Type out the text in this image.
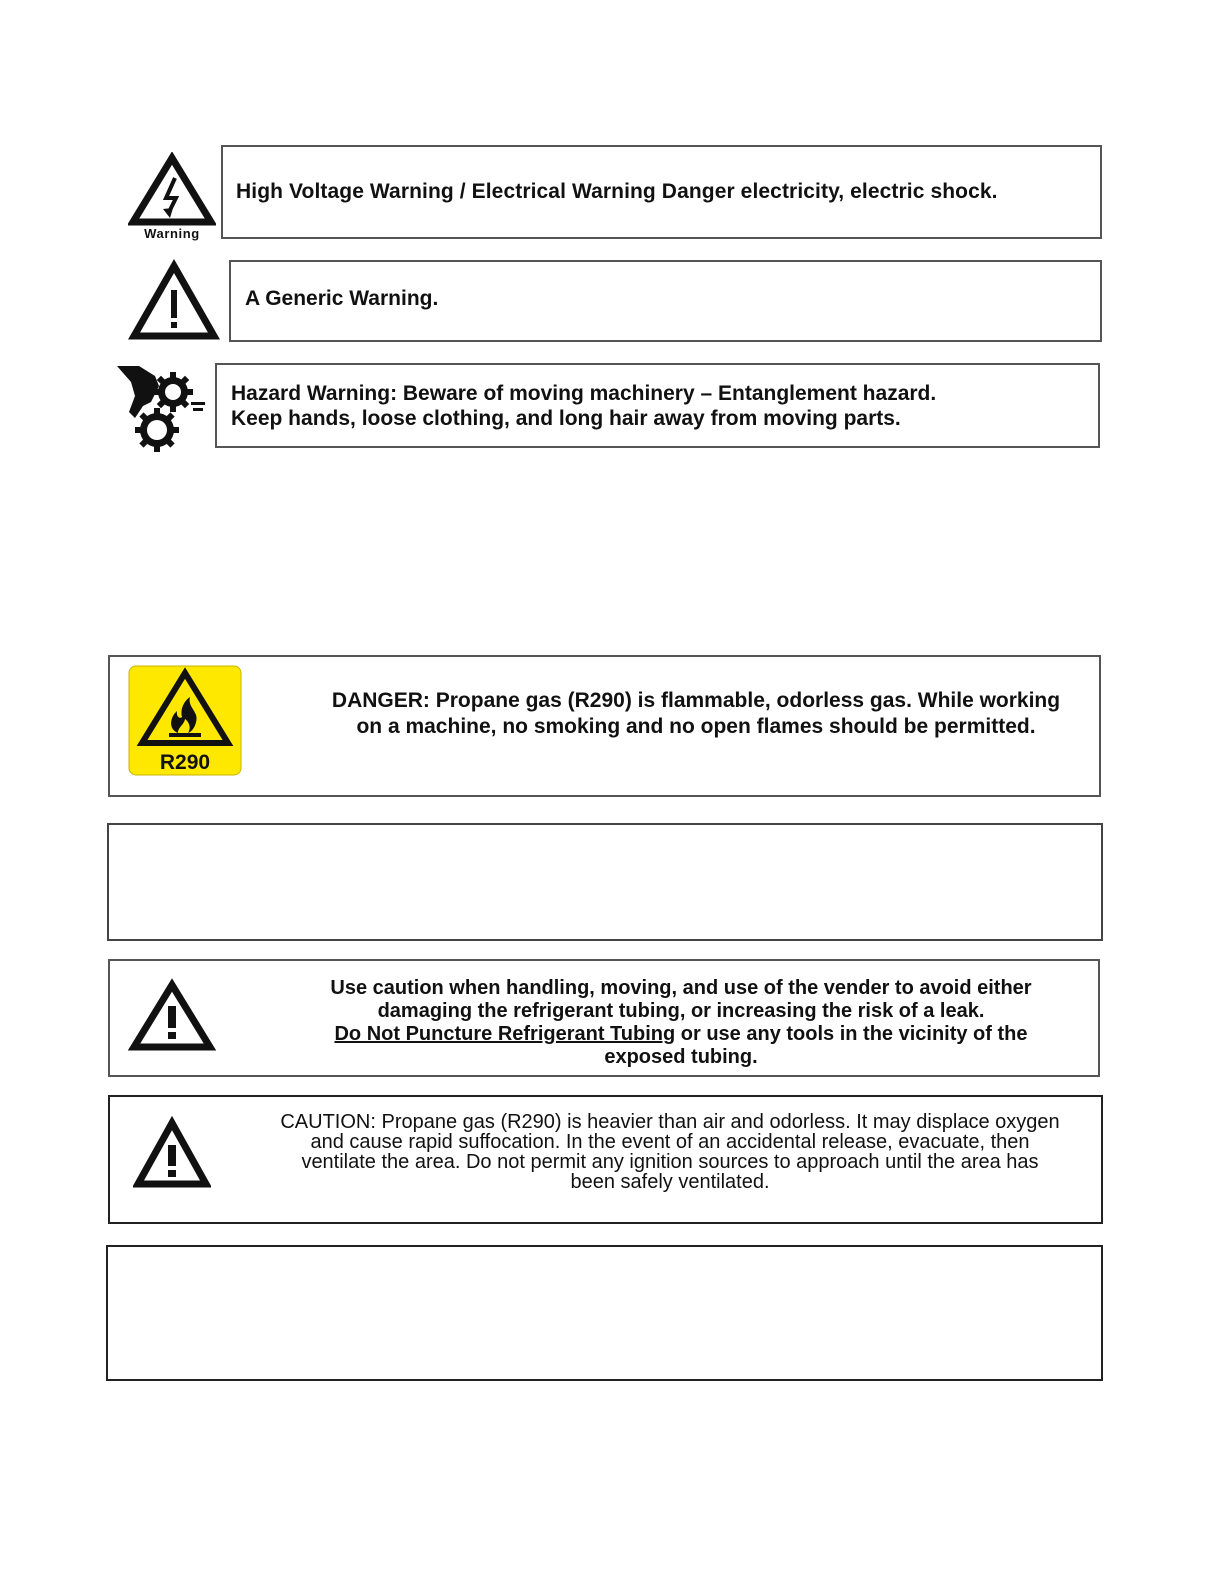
Warning
High Voltage Warning / Electrical Warning Danger electricity, electric shock.
A Generic Warning.
Hazard Warning: Beware of moving machinery – Entanglement hazard.
Keep hands, loose clothing, and long hair away from moving parts.
R290
DANGER: Propane gas (R290) is flammable, odorless gas. While working on a machine, no smoking and no open flames should be permitted.
Use caution when handling, moving, and use of the vender to avoid either damaging the refrigerant tubing, or increasing the risk of a leak.
Do Not Puncture Refrigerant Tubing or use any tools in the vicinity of the exposed tubing.
CAUTION: Propane gas (R290) is heavier than air and odorless. It may displace oxygen and cause rapid suffocation. In the event of an accidental release, evacuate, then ventilate the area. Do not permit any ignition sources to approach until the area has been safely ventilated.
